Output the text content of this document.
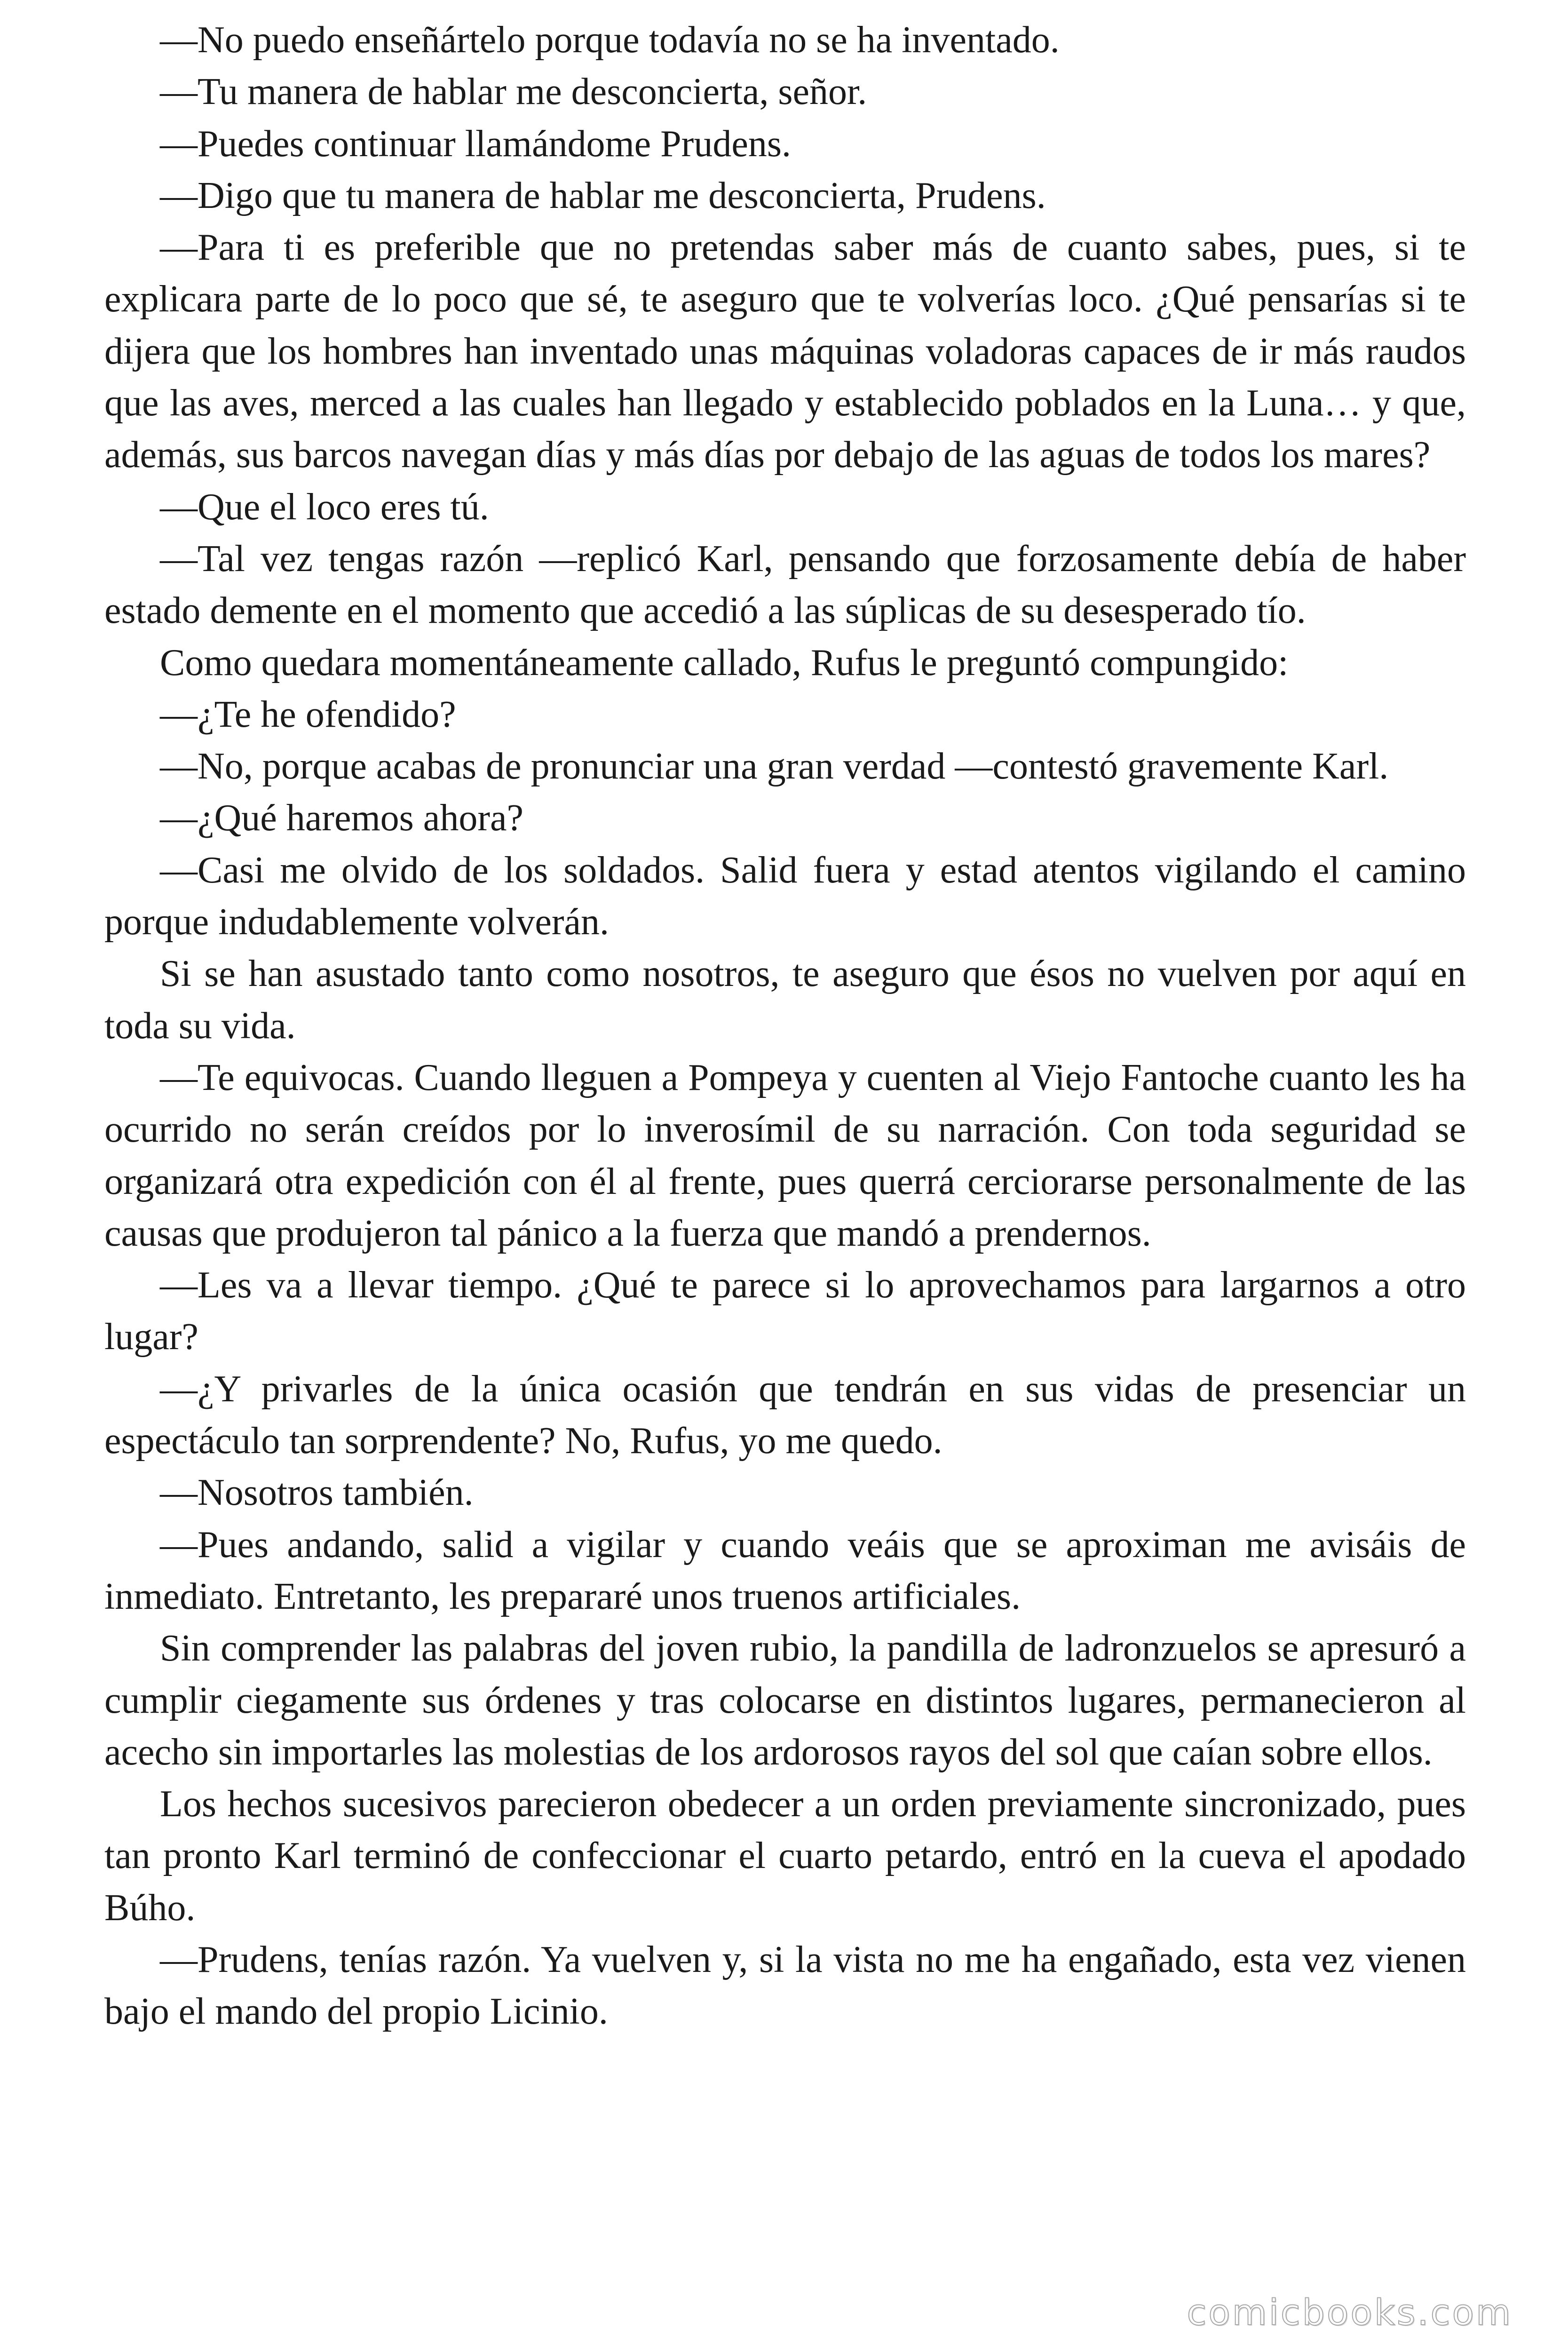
—No puedo enseñártelo porque todavía no se ha inventado.

—Tu manera de hablar me desconcierta, señor.

—Puedes continuar llamándome Prudens.

—Digo que tu manera de hablar me desconcierta, Prudens.

—Para ti es preferible que no pretendas saber más de cuanto sabes, pues, si te explicara parte de lo poco que sé, te aseguro que te volverías loco. ¿Qué pensarías si te dijera que los hombres han inventado unas máquinas voladoras capaces de ir más raudos que las aves, merced a las cuales han llegado y establecido poblados en la Luna… y que, además, sus barcos navegan días y más días por debajo de las aguas de todos los mares?

—Que el loco eres tú.

—Tal vez tengas razón —replicó Karl, pensando que forzosamente debía de haber estado demente en el momento que accedió a las súplicas de su desesperado tío.

Como quedara momentáneamente callado, Rufus le preguntó compungido:

—¿Te he ofendido?

—No, porque acabas de pronunciar una gran verdad —contestó gravemente Karl.

—¿Qué haremos ahora?

—Casi me olvido de los soldados. Salid fuera y estad atentos vigilando el camino porque indudablemente volverán.

Si se han asustado tanto como nosotros, te aseguro que ésos no vuelven por aquí en toda su vida.

—Te equivocas. Cuando lleguen a Pompeya y cuenten al Viejo Fantoche cuanto les ha ocurrido no serán creídos por lo inverosímil de su narración. Con toda seguridad se organizará otra expedición con él al frente, pues querrá cerciorarse personalmente de las causas que produjeron tal pánico a la fuerza que mandó a prendernos.

—Les va a llevar tiempo. ¿Qué te parece si lo aprovechamos para largarnos a otro lugar?

—¿Y privarles de la única ocasión que tendrán en sus vidas de presenciar un espectáculo tan sorprendente? No, Rufus, yo me quedo.

—Nosotros también.

—Pues andando, salid a vigilar y cuando veáis que se aproximan me avisáis de inmediato. Entretanto, les prepararé unos truenos artificiales.

Sin comprender las palabras del joven rubio, la pandilla de ladronzuelos se apresuró a cumplir ciegamente sus órdenes y tras colocarse en distintos lugares, permanecieron al acecho sin importarles las molestias de los ardorosos rayos del sol que caían sobre ellos.

Los hechos sucesivos parecieron obedecer a un orden previamente sincronizado, pues tan pronto Karl terminó de confeccionar el cuarto petardo, entró en la cueva el apodado Búho.

—Prudens, tenías razón. Ya vuelven y, si la vista no me ha engañado, esta vez vienen bajo el mando del propio Licinio.

comicbooks.com
